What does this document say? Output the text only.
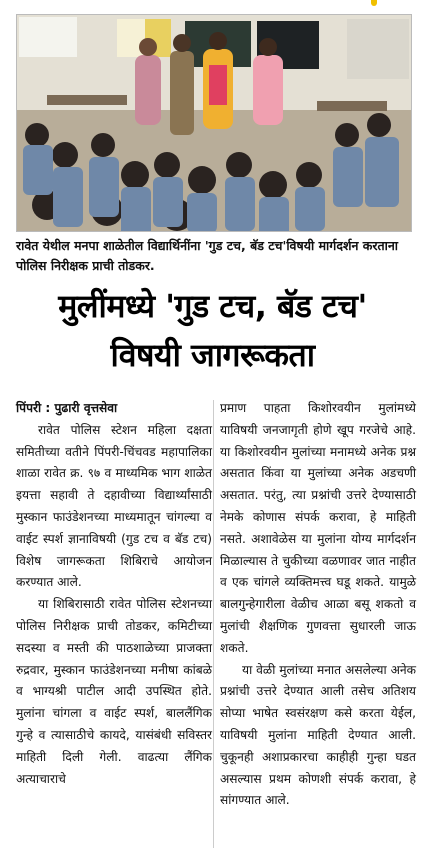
रावेत येथील मनपा शाळेतील विद्यार्थिनींना 'गुड टच, बॅड टच'विषयी मार्गदर्शन करताना पोलिस निरीक्षक प्राची तोडकर.
मुलींमध्ये 'गुड टच, बॅड टच'
विषयी जागरूकता

पिंपरी : पुढारी वृत्तसेवा

रावेत पोलिस स्टेशन महिला दक्षता समितीच्या वतीने पिंपरी-चिंचवड महापालिका शाळा रावेत क्र. ९७ व माध्यमिक भाग शाळेत इयत्ता सहावी ते दहावीच्या विद्यार्थ्यांसाठी मुस्कान फाउंडेशनच्या माध्यमातून चांगल्या व वाईट स्पर्श ज्ञानाविषयी (गुड टच व बॅड टच) विशेष जागरूकता शिबिराचे आयोजन करण्यात आले.

या शिबिरासाठी रावेत पोलिस स्टेशनच्या पोलिस निरीक्षक प्राची तोडकर, कमिटीच्या सदस्या व मस्ती की पाठशाळेच्या प्राजक्ता रुद्रवार, मुस्कान फाउंडेशनच्या मनीषा कांबळे व भाग्यश्री पाटील आदी उपस्थित होते. मुलांना चांगला व वाईट स्पर्श, बाललैंगिक गुन्हे व त्यासाठीचे कायदे, यासंबंधी सविस्तर माहिती दिली गेली. वाढत्या लैंगिक अत्याचाराचे

प्रमाण पाहता किशोरवयीन मुलांमध्ये याविषयी जनजागृती होणे खूप गरजेचे आहे. या किशोरवयीन मुलांच्या मनामध्ये अनेक प्रश्न असतात किंवा या मुलांच्या अनेक अडचणी असतात. परंतु, त्या प्रश्नांची उत्तरे देण्यासाठी नेमके कोणास संपर्क करावा, हे माहिती नसते. अशावेळेस या मुलांना योग्य मार्गदर्शन मिळाल्यास ते चुकीच्या वळणावर जात नाहीत व एक चांगले व्यक्तिमत्त्व घडू शकते. यामुळे बालगुन्हेगारीला वेळीच आळा बसू शकतो व मुलांची शैक्षणिक गुणवत्ता सुधारली जाऊ शकते.

या वेळी मुलांच्या मनात असलेल्या अनेक प्रश्नांची उत्तरे देण्यात आली तसेच अतिशय सोप्या भाषेत स्वसंरक्षण कसे करता येईल, याविषयी मुलांना माहिती देण्यात आली. चुकूनही अशाप्रकारचा काहीही गुन्हा घडत असल्यास प्रथम कोणशी संपर्क करावा, हे सांगण्यात आले.
